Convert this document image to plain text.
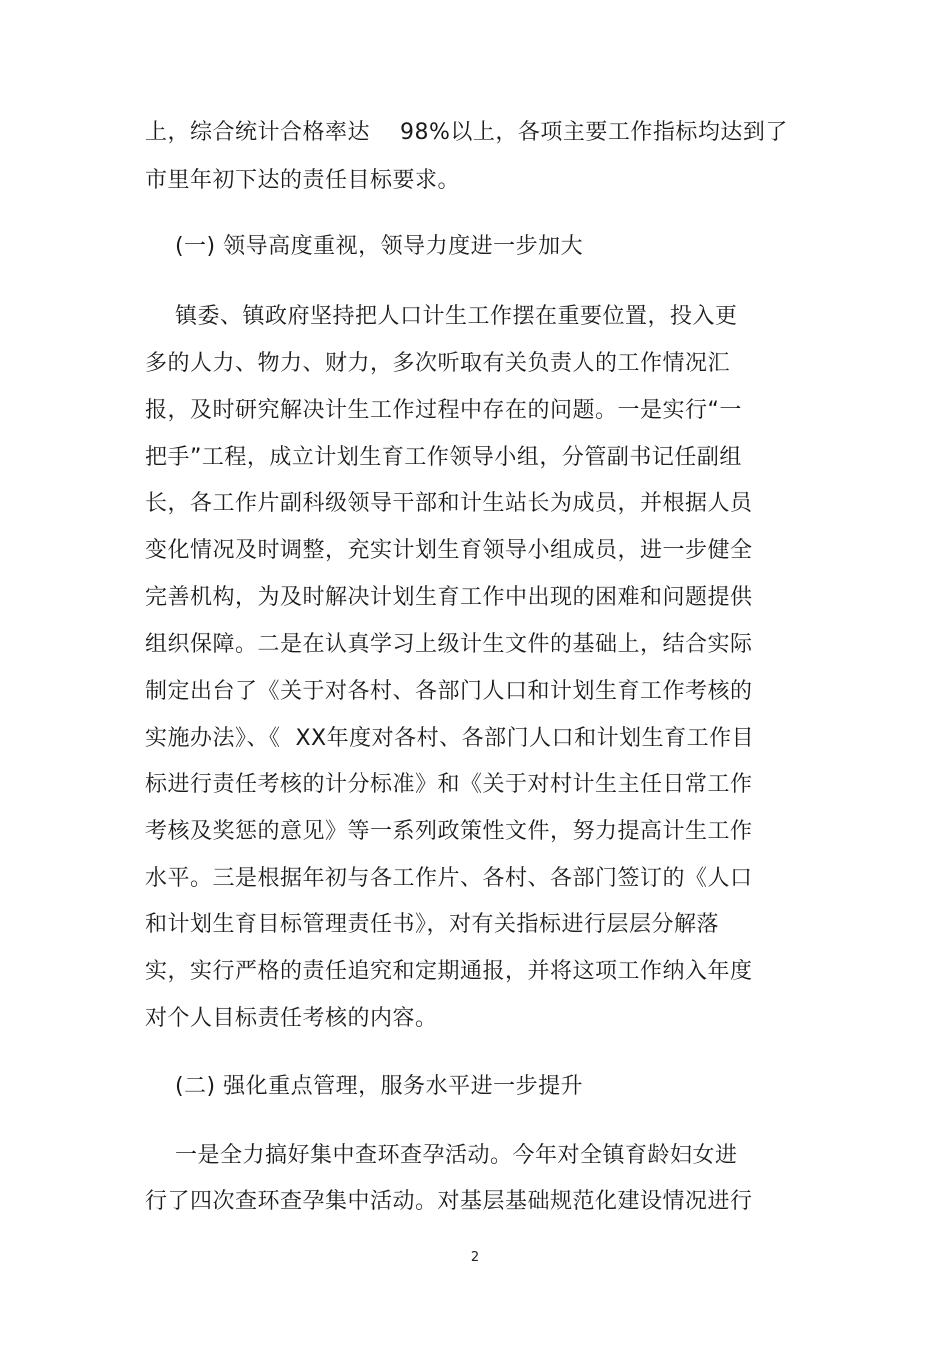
上，综合统计合格率达    98%以上，各项主要工作指标均达到了
市里年初下达的责任目标要求。
(一) 领导高度重视，领导力度进一步加大
镇委、镇政府坚持把人口计生工作摆在重要位置，投入更
多的人力、物力、财力，多次听取有关负责人的工作情况汇
报，及时研究解决计生工作过程中存在的问题。一是实行“一
把手”工程，成立计划生育工作领导小组，分管副书记任副组
长，各工作片副科级领导干部和计生站长为成员，并根据人员
变化情况及时调整，充实计划生育领导小组成员，进一步健全
完善机构，为及时解决计划生育工作中出现的困难和问题提供
组织保障。二是在认真学习上级计生文件的基础上，结合实际
制定出台了《关于对各村、各部门人口和计划生育工作考核的
实施办法》、《  XX年度对各村、各部门人口和计划生育工作目
标进行责任考核的计分标准》和《关于对村计生主任日常工作
考核及奖惩的意见》等一系列政策性文件，努力提高计生工作
水平。三是根据年初与各工作片、各村、各部门签订的《人口
和计划生育目标管理责任书》，对有关指标进行层层分解落
实，实行严格的责任追究和定期通报，并将这项工作纳入年度
对个人目标责任考核的内容。
(二) 强化重点管理，服务水平进一步提升
一是全力搞好集中查环查孕活动。今年对全镇育龄妇女进
行了四次查环查孕集中活动。对基层基础规范化建设情况进行
2
